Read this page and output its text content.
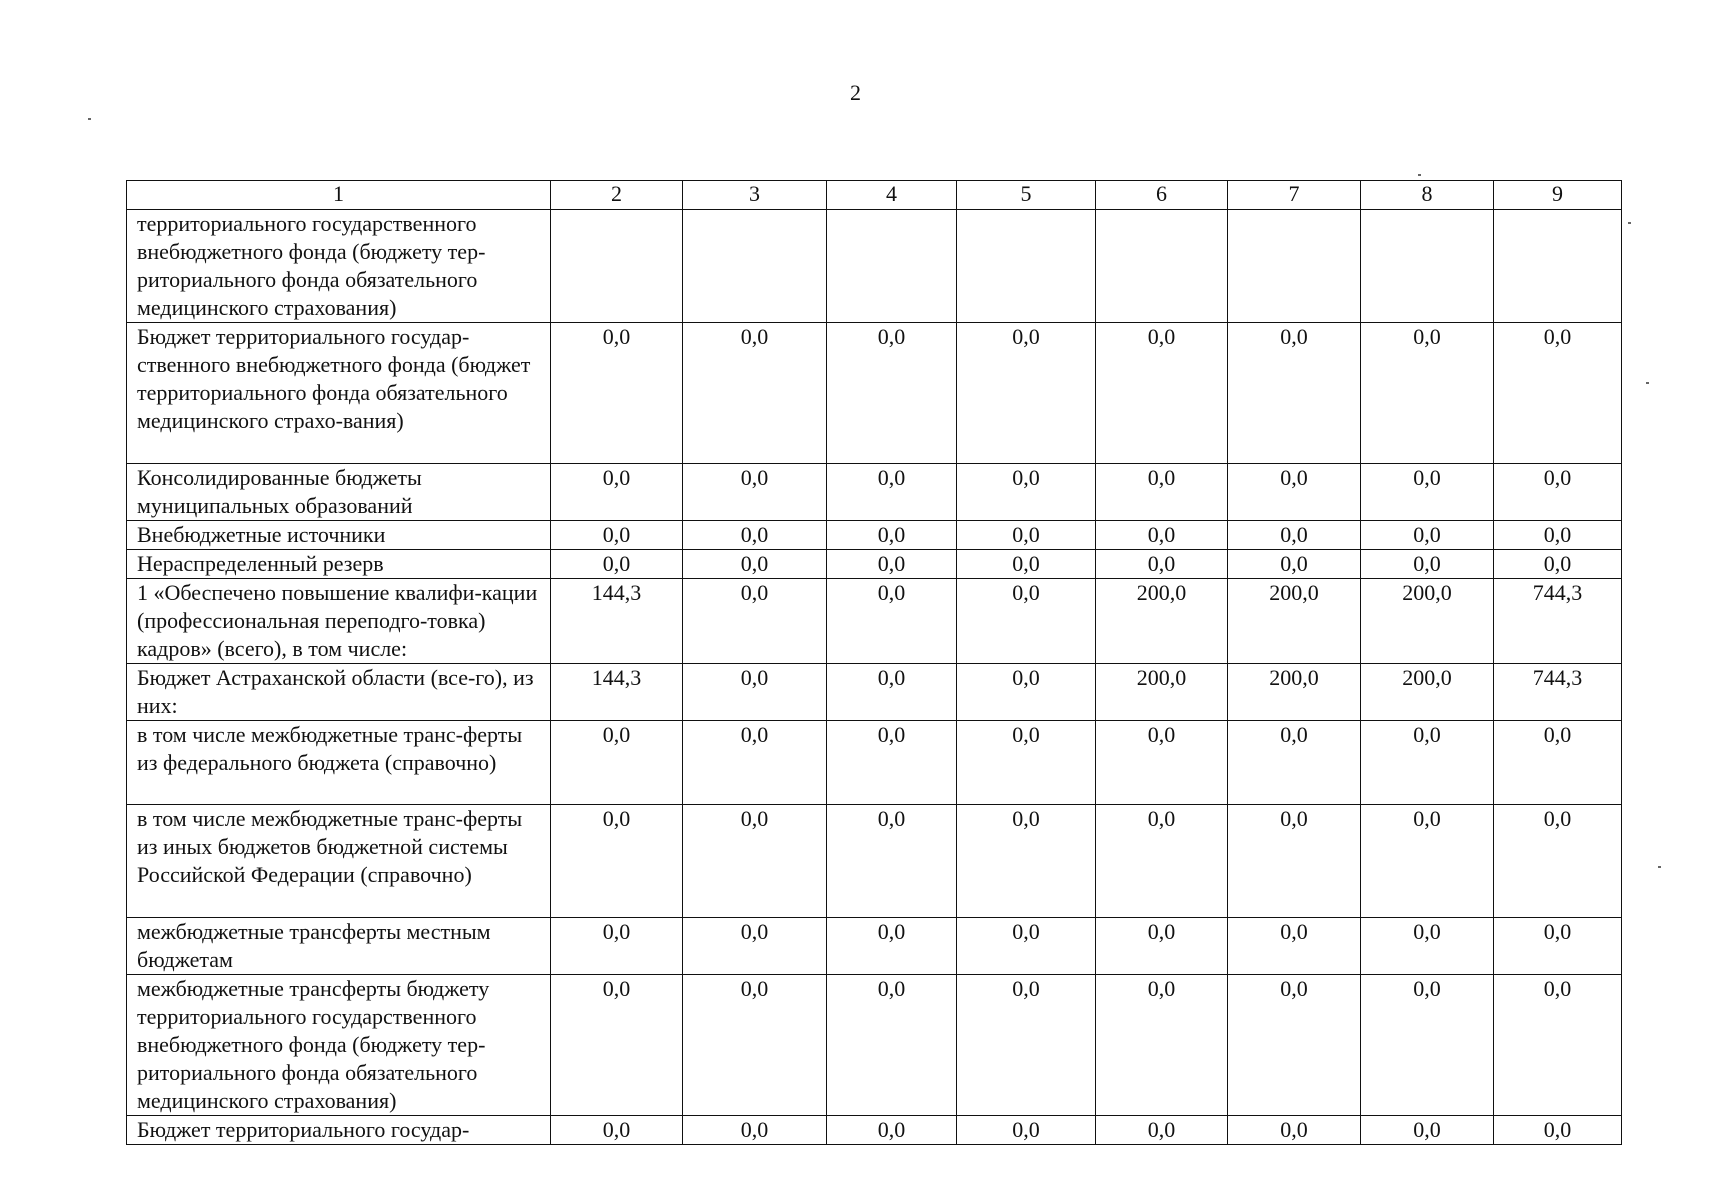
2
1	2	3	4	5	6	7	8	9
территориального государственного внебюджетного фонда (бюджету тер-риториального фонда обязательного медицинского страхования)								
Бюджет территориального государ-ственного внебюджетного фонда (бюджет территориального фонда обязательного медицинского страхо-вания)	0,0	0,0	0,0	0,0	0,0	0,0	0,0	0,0
Консолидированные бюджеты муниципальных образований	0,0	0,0	0,0	0,0	0,0	0,0	0,0	0,0
Внебюджетные источники	0,0	0,0	0,0	0,0	0,0	0,0	0,0	0,0
Нераспределенный резерв	0,0	0,0	0,0	0,0	0,0	0,0	0,0	0,0
1 «Обеспечено повышение квалифи-кации (профессиональная переподго-товка) кадров» (всего), в том числе:	144,3	0,0	0,0	0,0	200,0	200,0	200,0	744,3
Бюджет Астраханской области (все-го), из них:	144,3	0,0	0,0	0,0	200,0	200,0	200,0	744,3
в том числе межбюджетные транс-ферты из федерального бюджета (справочно)	0,0	0,0	0,0	0,0	0,0	0,0	0,0	0,0
в том числе межбюджетные транс-ферты из иных бюджетов бюджетной системы Российской Федерации (справочно)	0,0	0,0	0,0	0,0	0,0	0,0	0,0	0,0
межбюджетные трансферты местным бюджетам	0,0	0,0	0,0	0,0	0,0	0,0	0,0	0,0
межбюджетные трансферты бюджету территориального государственного внебюджетного фонда (бюджету тер-риториального фонда обязательного медицинского страхования)	0,0	0,0	0,0	0,0	0,0	0,0	0,0	0,0
Бюджет территориального государ-	0,0	0,0	0,0	0,0	0,0	0,0	0,0	0,0
